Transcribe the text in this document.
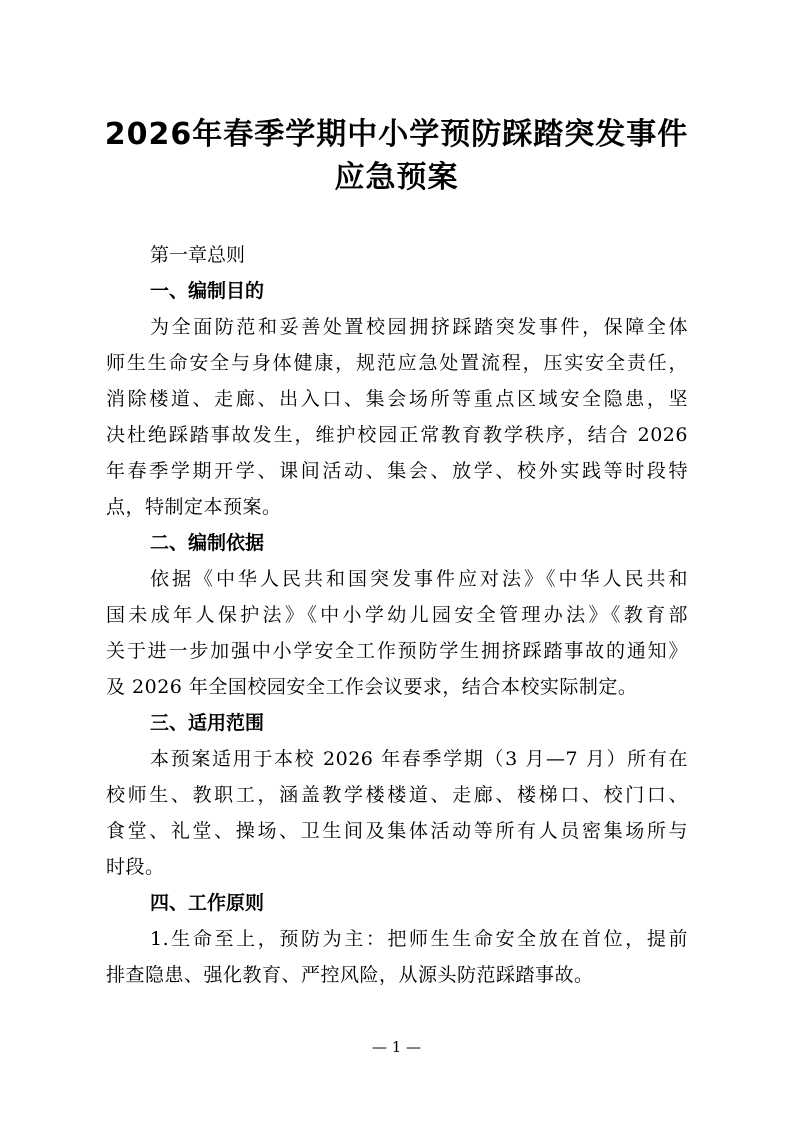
2026年春季学期中小学预防踩踏突发事件
应急预案

第一章总则

一、编制目的

为全面防范和妥善处置校园拥挤踩踏突发事件，保障全体
师生生命安全与身体健康，规范应急处置流程，压实安全责任，
消除楼道、走廊、出入口、集会场所等重点区域安全隐患，坚
决杜绝踩踏事故发生，维护校园正常教育教学秩序，结合 2026
年春季学期开学、课间活动、集会、放学、校外实践等时段特
点，特制定本预案。

二、编制依据

依据《中华人民共和国突发事件应对法》《中华人民共和
国未成年人保护法》《中小学幼儿园安全管理办法》《教育部
关于进一步加强中小学安全工作预防学生拥挤踩踏事故的通知》
及 2026 年全国校园安全工作会议要求，结合本校实际制定。

三、适用范围

本预案适用于本校 2026 年春季学期（3 月—7 月）所有在
校师生、教职工，涵盖教学楼楼道、走廊、楼梯口、校门口、
食堂、礼堂、操场、卫生间及集体活动等所有人员密集场所与
时段。

四、工作原则

1.生命至上，预防为主：把师生生命安全放在首位，提前
排查隐患、强化教育、严控风险，从源头防范踩踏事故。

— 1 —
